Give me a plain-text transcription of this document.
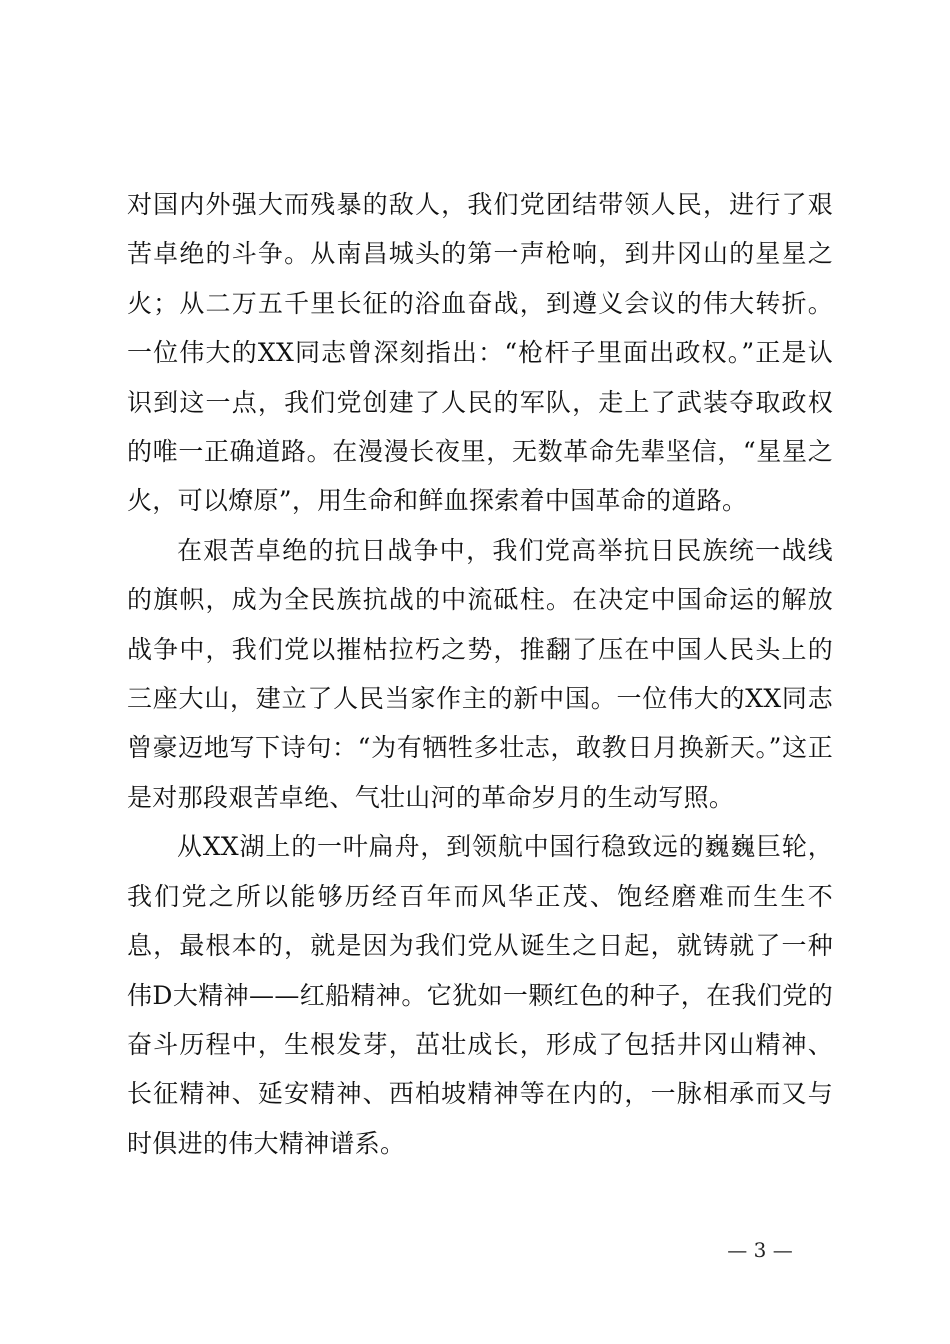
对国内外强大而残暴的敌人，我们党团结带领人民，进行了艰苦卓绝的斗争。从南昌城头的第一声枪响，到井冈山的星星之火；从二万五千里长征的浴血奋战，到遵义会议的伟大转折。一位伟大的XX同志曾深刻指出：“枪杆子里面出政权。”正是认识到这一点，我们党创建了人民的军队，走上了武装夺取政权的唯一正确道路。在漫漫长夜里，无数革命先辈坚信，“星星之火，可以燎原”，用生命和鲜血探索着中国革命的道路。

在艰苦卓绝的抗日战争中，我们党高举抗日民族统一战线的旗帜，成为全民族抗战的中流砥柱。在决定中国命运的解放战争中，我们党以摧枯拉朽之势，推翻了压在中国人民头上的三座大山，建立了人民当家作主的新中国。一位伟大的XX同志曾豪迈地写下诗句：“为有牺牲多壮志，敢教日月换新天。”这正是对那段艰苦卓绝、气壮山河的革命岁月的生动写照。

从XX湖上的一叶扁舟，到领航中国行稳致远的巍巍巨轮，我们党之所以能够历经百年而风华正茂、饱经磨难而生生不息，最根本的，就是因为我们党从诞生之日起，就铸就了一种伟D大精神——红船精神。它犹如一颗红色的种子，在我们党的奋斗历程中，生根发芽，茁壮成长，形成了包括井冈山精神、长征精神、延安精神、西柏坡精神等在内的，一脉相承而又与时俱进的伟大精神谱系。

— 3 —
